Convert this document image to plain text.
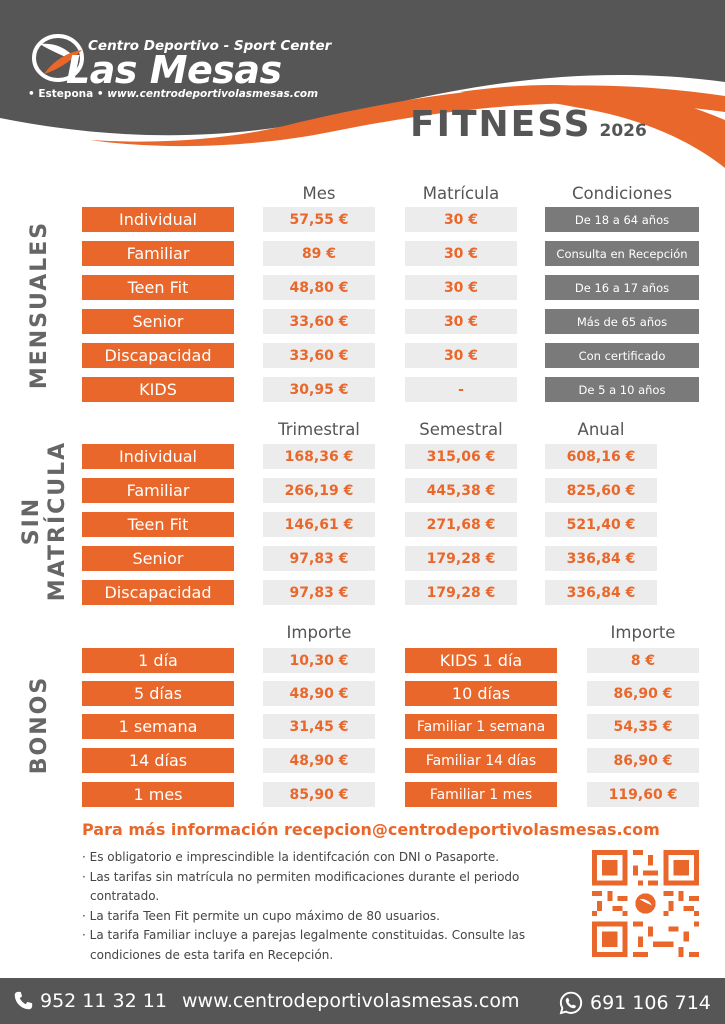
Centro Deportivo - Sport Center
Las Mesas
• Estepona • www.centrodeportivolasmesas.com
FITNESS 2026
MENSUALES
Mes	Matrícula	Condiciones
Individual	57,55 €	30 €	De 18 a 64 años
Familiar	89 €	30 €	Consulta en Recepción
Teen Fit	48,80 €	30 €	De 16 a 17 años
Senior	33,60 €	30 €	Más de 65 años
Discapacidad	33,60 €	30 €	Con certificado
KIDS	30,95 €	-	De 5 a 10 años
SIN MATRÍCULA
Trimestral	Semestral	Anual
Individual	168,36 €	315,06 €	608,16 €
Familiar	266,19 €	445,38 €	825,60 €
Teen Fit	146,61 €	271,68 €	521,40 €
Senior	97,83 €	179,28 €	336,84 €
Discapacidad	97,83 €	179,28 €	336,84 €
BONOS
Importe	Importe
1 día	10,30 €	KIDS 1 día	8 €
5 días	48,90 €	10 días	86,90 €
1 semana	31,45 €	Familiar 1 semana	54,35 €
14 días	48,90 €	Familiar 14 días	86,90 €
1 mes	85,90 €	Familiar 1 mes	119,60 €
Para más información recepcion@centrodeportivolasmesas.com

· Es obligatorio e imprescindible la identifcación con DNI o Pasaporte.

· Las tarifas sin matrícula no permiten modificaciones durante el periodo contratado.

· La tarifa Teen Fit permite un cupo máximo de 80 usuarios.

· La tarifa Familiar incluye a parejas legalmente constituidas. Consulte las condiciones de esta tarifa en Recepción.

952 11 32 11 www.centrodeportivolasmesas.com	691 106 714
